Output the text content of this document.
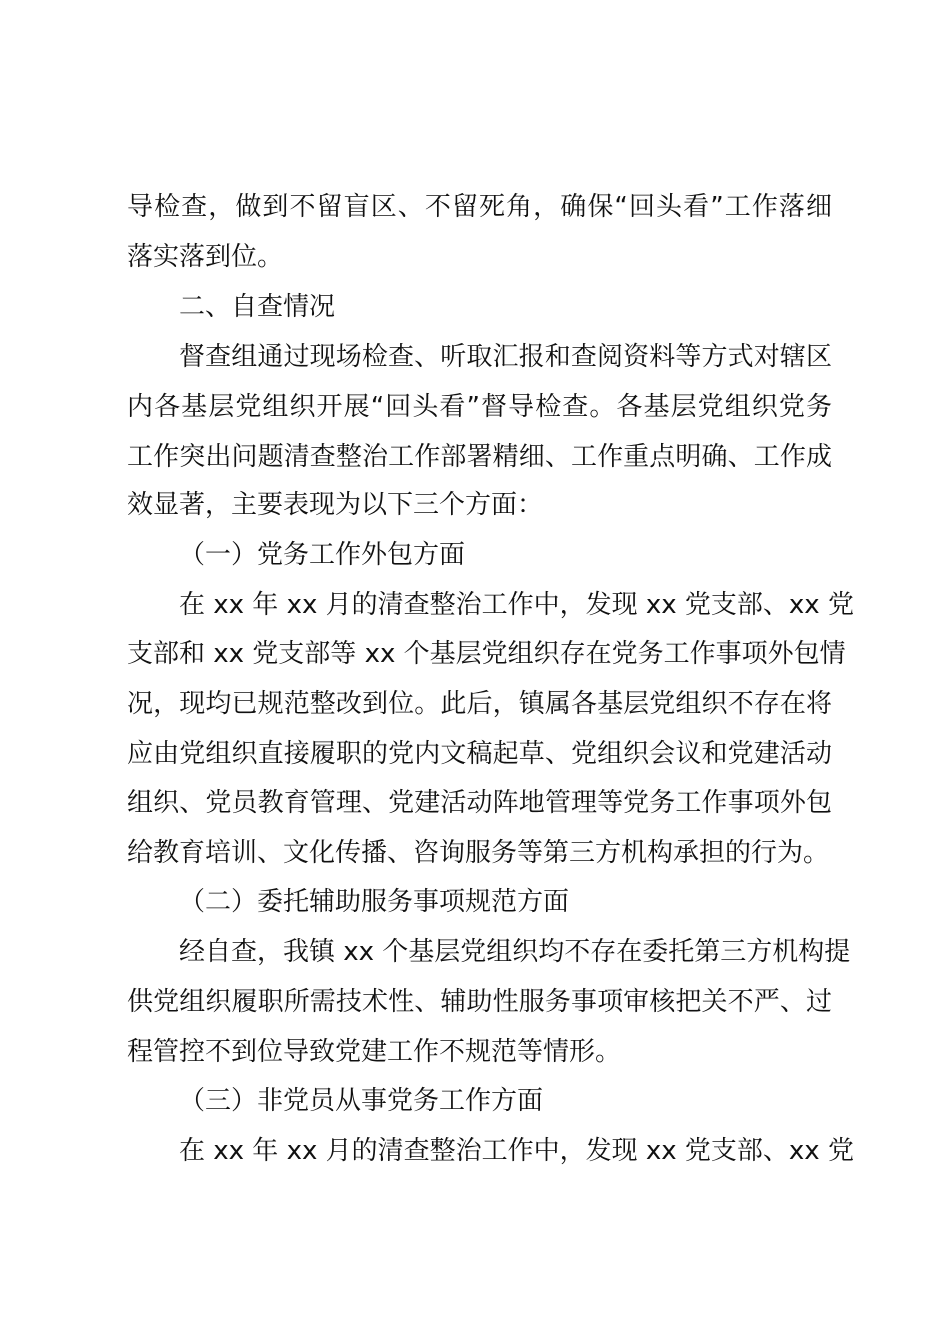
导检查，做到不留盲区、不留死角，确保“回头看”工作落细
落实落到位。
二、自查情况
督查组通过现场检查、听取汇报和查阅资料等方式对辖区
内各基层党组织开展“回头看”督导检查。各基层党组织党务
工作突出问题清查整治工作部署精细、工作重点明确、工作成
效显著，主要表现为以下三个方面：
（一）党务工作外包方面
在 xx 年 xx 月的清查整治工作中，发现 xx 党支部、xx 党
支部和 xx 党支部等 xx 个基层党组织存在党务工作事项外包情
况，现均已规范整改到位。此后，镇属各基层党组织不存在将
应由党组织直接履职的党内文稿起草、党组织会议和党建活动
组织、党员教育管理、党建活动阵地管理等党务工作事项外包
给教育培训、文化传播、咨询服务等第三方机构承担的行为。
（二）委托辅助服务事项规范方面
经自查，我镇 xx 个基层党组织均不存在委托第三方机构提
供党组织履职所需技术性、辅助性服务事项审核把关不严、过
程管控不到位导致党建工作不规范等情形。
（三）非党员从事党务工作方面
在 xx 年 xx 月的清查整治工作中，发现 xx 党支部、xx 党
